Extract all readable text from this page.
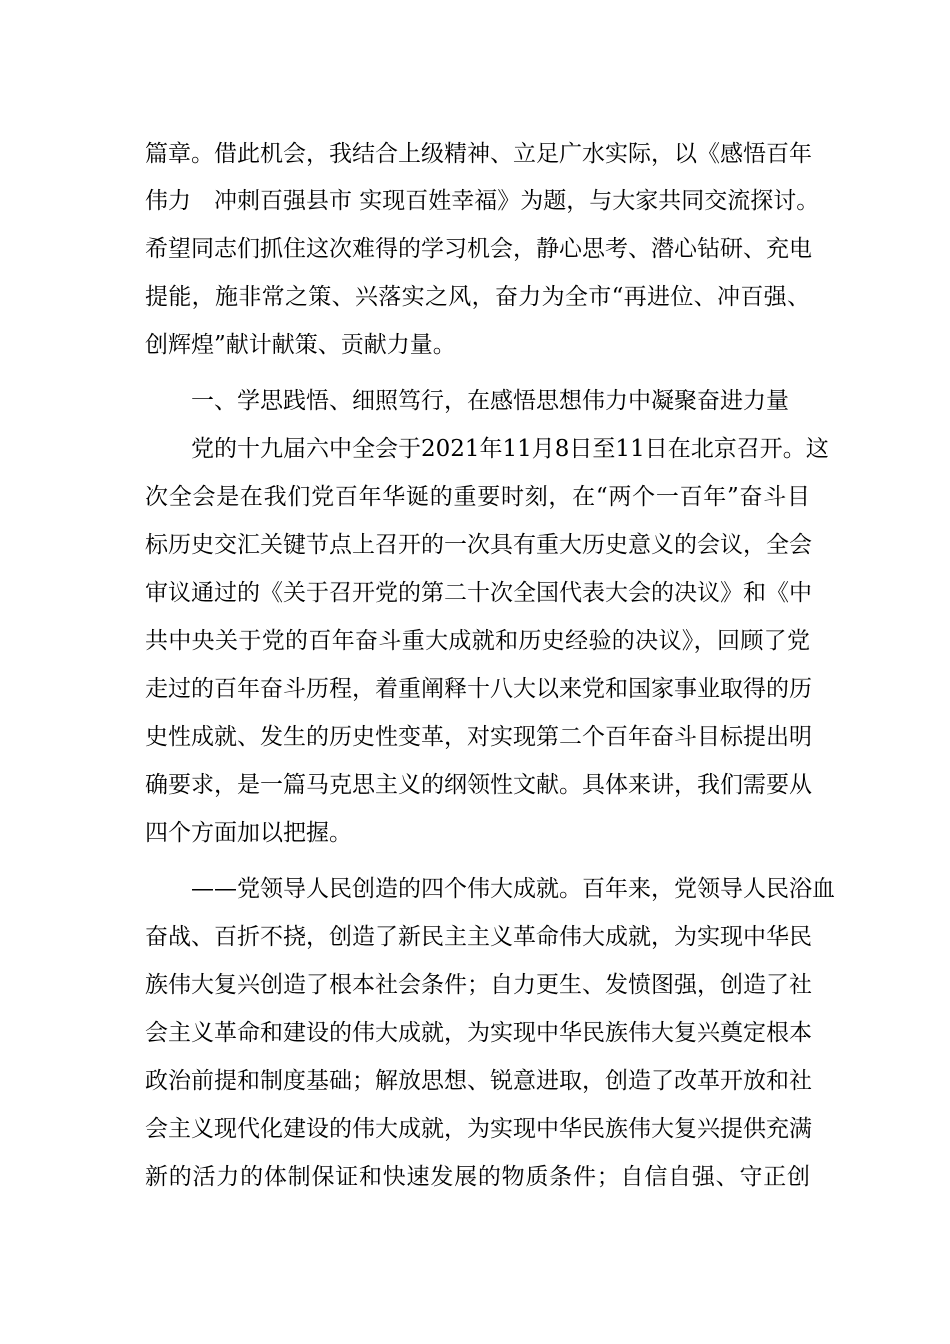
篇章。借此机会，我结合上级精神、立足广水实际，以《感悟百年
伟力　冲刺百强县市 实现百姓幸福》为题，与大家共同交流探讨。
希望同志们抓住这次难得的学习机会，静心思考、潜心钻研、充电
提能，施非常之策、兴落实之风，奋力为全市“再进位、冲百强、
创辉煌”献计献策、贡献力量。
一、学思践悟、细照笃行，在感悟思想伟力中凝聚奋进力量
党的十九届六中全会于2021年11月8日至11日在北京召开。这
次全会是在我们党百年华诞的重要时刻，在“两个一百年”奋斗目
标历史交汇关键节点上召开的一次具有重大历史意义的会议，全会
审议通过的《关于召开党的第二十次全国代表大会的决议》和《中
共中央关于党的百年奋斗重大成就和历史经验的决议》，回顾了党
走过的百年奋斗历程，着重阐释十八大以来党和国家事业取得的历
史性成就、发生的历史性变革，对实现第二个百年奋斗目标提出明
确要求，是一篇马克思主义的纲领性文献。具体来讲，我们需要从
四个方面加以把握。
——党领导人民创造的四个伟大成就。百年来，党领导人民浴血
奋战、百折不挠，创造了新民主主义革命伟大成就，为实现中华民
族伟大复兴创造了根本社会条件；自力更生、发愤图强，创造了社
会主义革命和建设的伟大成就，为实现中华民族伟大复兴奠定根本
政治前提和制度基础；解放思想、锐意进取，创造了改革开放和社
会主义现代化建设的伟大成就，为实现中华民族伟大复兴提供充满
新的活力的体制保证和快速发展的物质条件；自信自强、守正创
